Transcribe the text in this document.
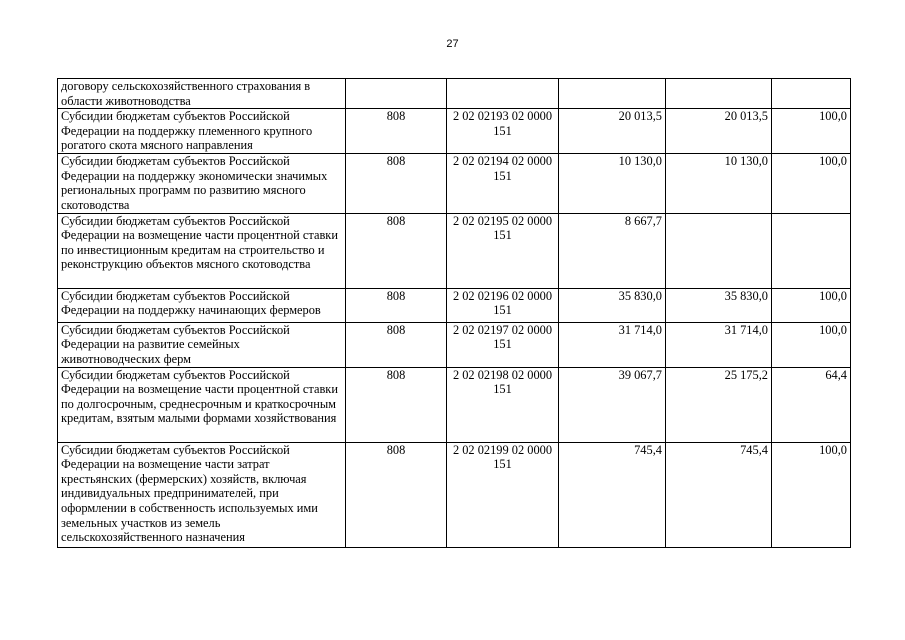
27
договору сельскохозяйственного страхования в области животноводства					
Субсидии бюджетам субъектов Российской Федерации на поддержку племенного крупного рогатого скота мясного направления	808	2 02 02193 02 0000 151	20 013,5	20 013,5	100,0
Субсидии бюджетам субъектов Российской Федерации на поддержку экономически значимых региональных программ по развитию мясного скотоводства	808	2 02 02194 02 0000 151	10 130,0	10 130,0	100,0
Субсидии бюджетам субъектов Российской Федерации на возмещение части процентной ставки по инвестиционным кредитам на строительство и реконструкцию объектов мясного скотоводства	808	2 02 02195 02 0000 151	8 667,7		
Субсидии бюджетам субъектов Российской Федерации на поддержку начинающих фермеров	808	2 02 02196 02 0000 151	35 830,0	35 830,0	100,0
Субсидии бюджетам субъектов Российской Федерации на развитие семейных животноводческих ферм	808	2 02 02197 02 0000 151	31 714,0	31 714,0	100,0
Субсидии бюджетам субъектов Российской Федерации на возмещение части процентной ставки по долгосрочным, среднесрочным и краткосрочным кредитам, взятым малыми формами хозяйствования	808	2 02 02198 02 0000 151	39 067,7	25 175,2	64,4
Субсидии бюджетам субъектов Российской Федерации на возмещение части затрат крестьянских (фермерских) хозяйств, включая индивидуальных предпринимателей, при оформлении в собственность используемых ими земельных участков из земель сельскохозяйственного назначения	808	2 02 02199 02 0000 151	745,4	745,4	100,0
